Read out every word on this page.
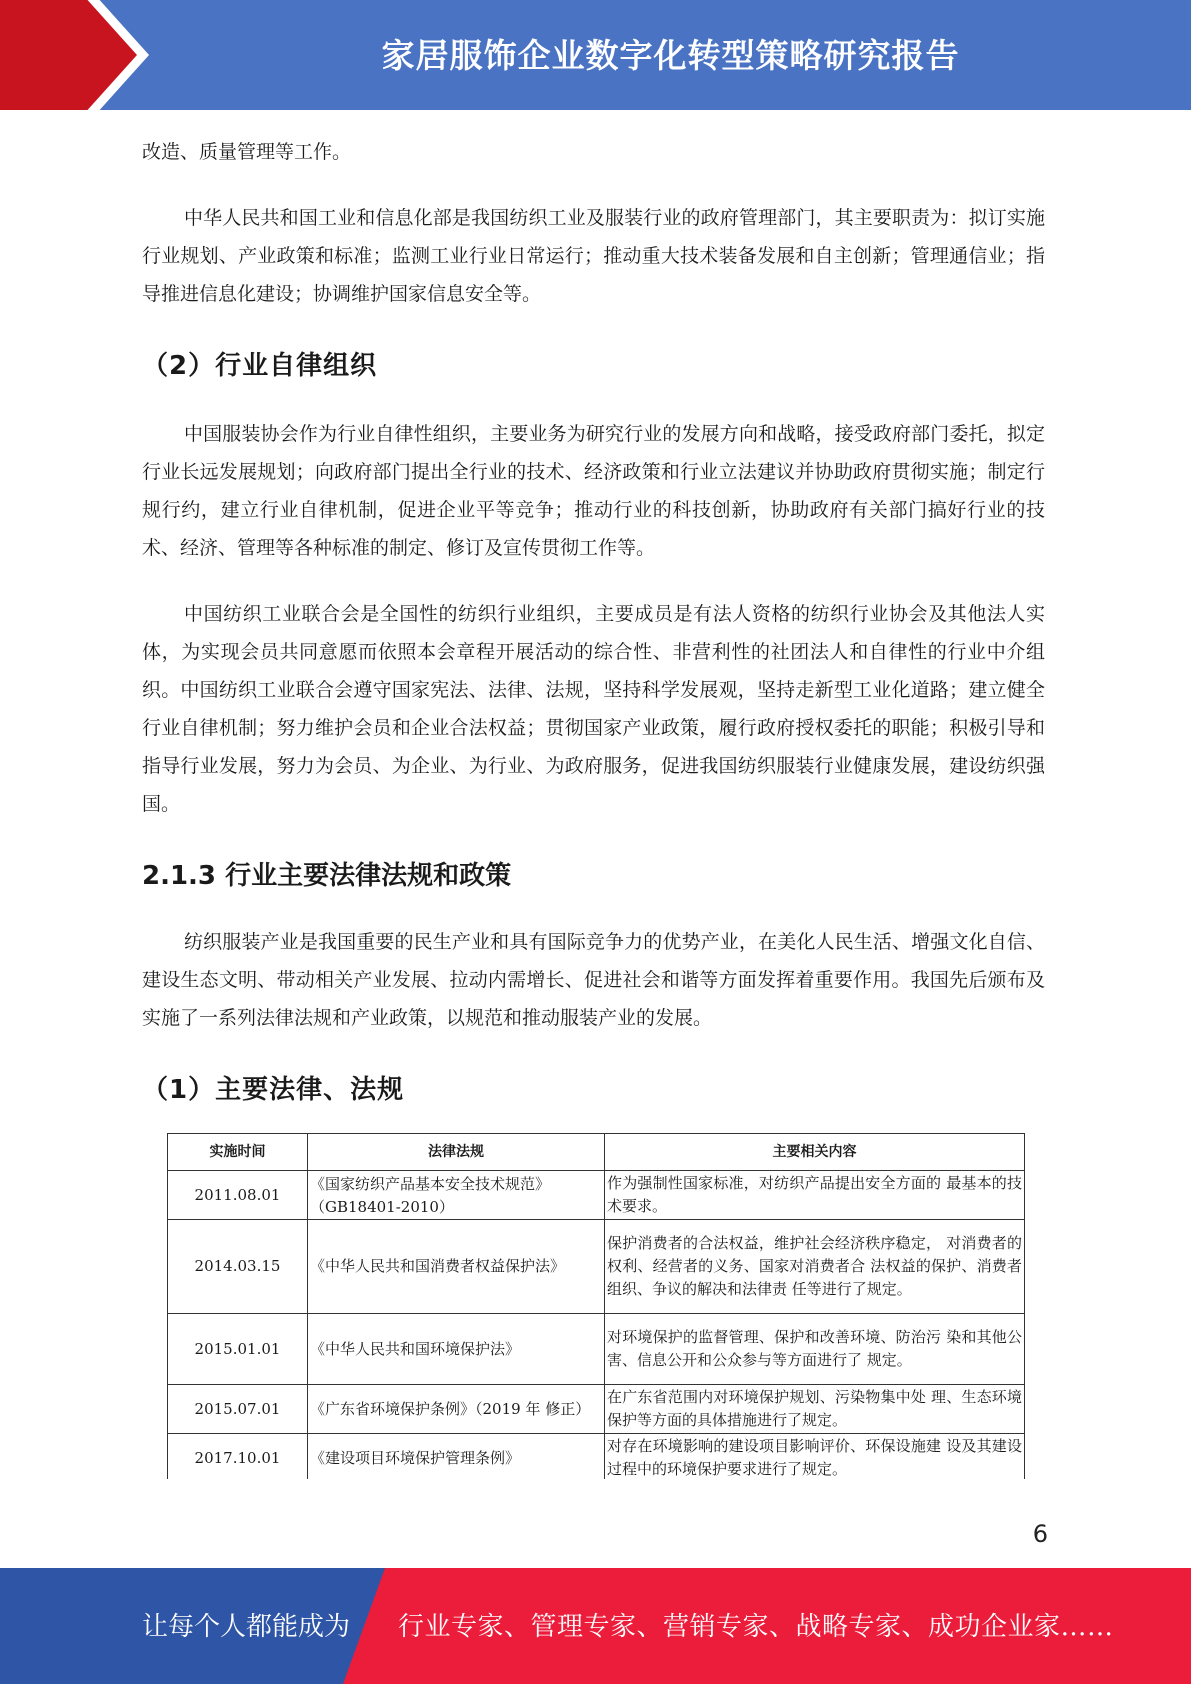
家居服饰企业数字化转型策略研究报告

改造、质量管理等工作。

中华人民共和国工业和信息化部是我国纺织工业及服装行业的政府管理部门，其主要职责为：拟订实施行业规划、产业政策和标准；监测工业行业日常运行；推动重大技术装备发展和自主创新；管理通信业；指导推进信息化建设；协调维护国家信息安全等。

（2）行业自律组织

中国服装协会作为行业自律性组织，主要业务为研究行业的发展方向和战略，接受政府部门委托，拟定行业长远发展规划；向政府部门提出全行业的技术、经济政策和行业立法建议并协助政府贯彻实施；制定行规行约，建立行业自律机制，促进企业平等竞争；推动行业的科技创新，协助政府有关部门搞好行业的技术、经济、管理等各种标准的制定、修订及宣传贯彻工作等。

中国纺织工业联合会是全国性的纺织行业组织，主要成员是有法人资格的纺织行业协会及其他法人实体，为实现会员共同意愿而依照本会章程开展活动的综合性、非营利性的社团法人和自律性的行业中介组织。中国纺织工业联合会遵守国家宪法、法律、法规，坚持科学发展观，坚持走新型工业化道路；建立健全行业自律机制；努力维护会员和企业合法权益；贯彻国家产业政策，履行政府授权委托的职能；积极引导和指导行业发展，努力为会员、为企业、为行业、为政府服务，促进我国纺织服装行业健康发展，建设纺织强国。

2.1.3 行业主要法律法规和政策

纺织服装产业是我国重要的民生产业和具有国际竞争力的优势产业，在美化人民生活、增强文化自信、建设生态文明、带动相关产业发展、拉动内需增长、促进社会和谐等方面发挥着重要作用。我国先后颁布及实施了一系列法律法规和产业政策，以规范和推动服装产业的发展。

（1）主要法律、法规
实施时间	法律法规	主要相关内容
2011.08.01	《国家纺织产品基本安全技术规范》（GB18401-2010）	作为强制性国家标准，对纺织产品提出安全方面的 最基本的技术要求。
2014.03.15	《中华人民共和国消费者权益保护法》	保护消费者的合法权益，维护社会经济秩序稳定， 对消费者的权利、经营者的义务、国家对消费者合 法权益的保护、消费者组织、争议的解决和法律责 任等进行了规定。
2015.01.01	《中华人民共和国环境保护法》	对环境保护的监督管理、保护和改善环境、防治污 染和其他公害、信息公开和公众参与等方面进行了 规定。
2015.07.01	《广东省环境保护条例》（2019 年 修正）	在广东省范围内对环境保护规划、污染物集中处 理、生态环境保护等方面的具体措施进行了规定。
2017.10.01	《建设项目环境保护管理条例》	对存在环境影响的建设项目影响评价、环保设施建 设及其建设过程中的环境保护要求进行了规定。
6
让每个人都能成为 行业专家、管理专家、营销专家、战略专家、成功企业家……
